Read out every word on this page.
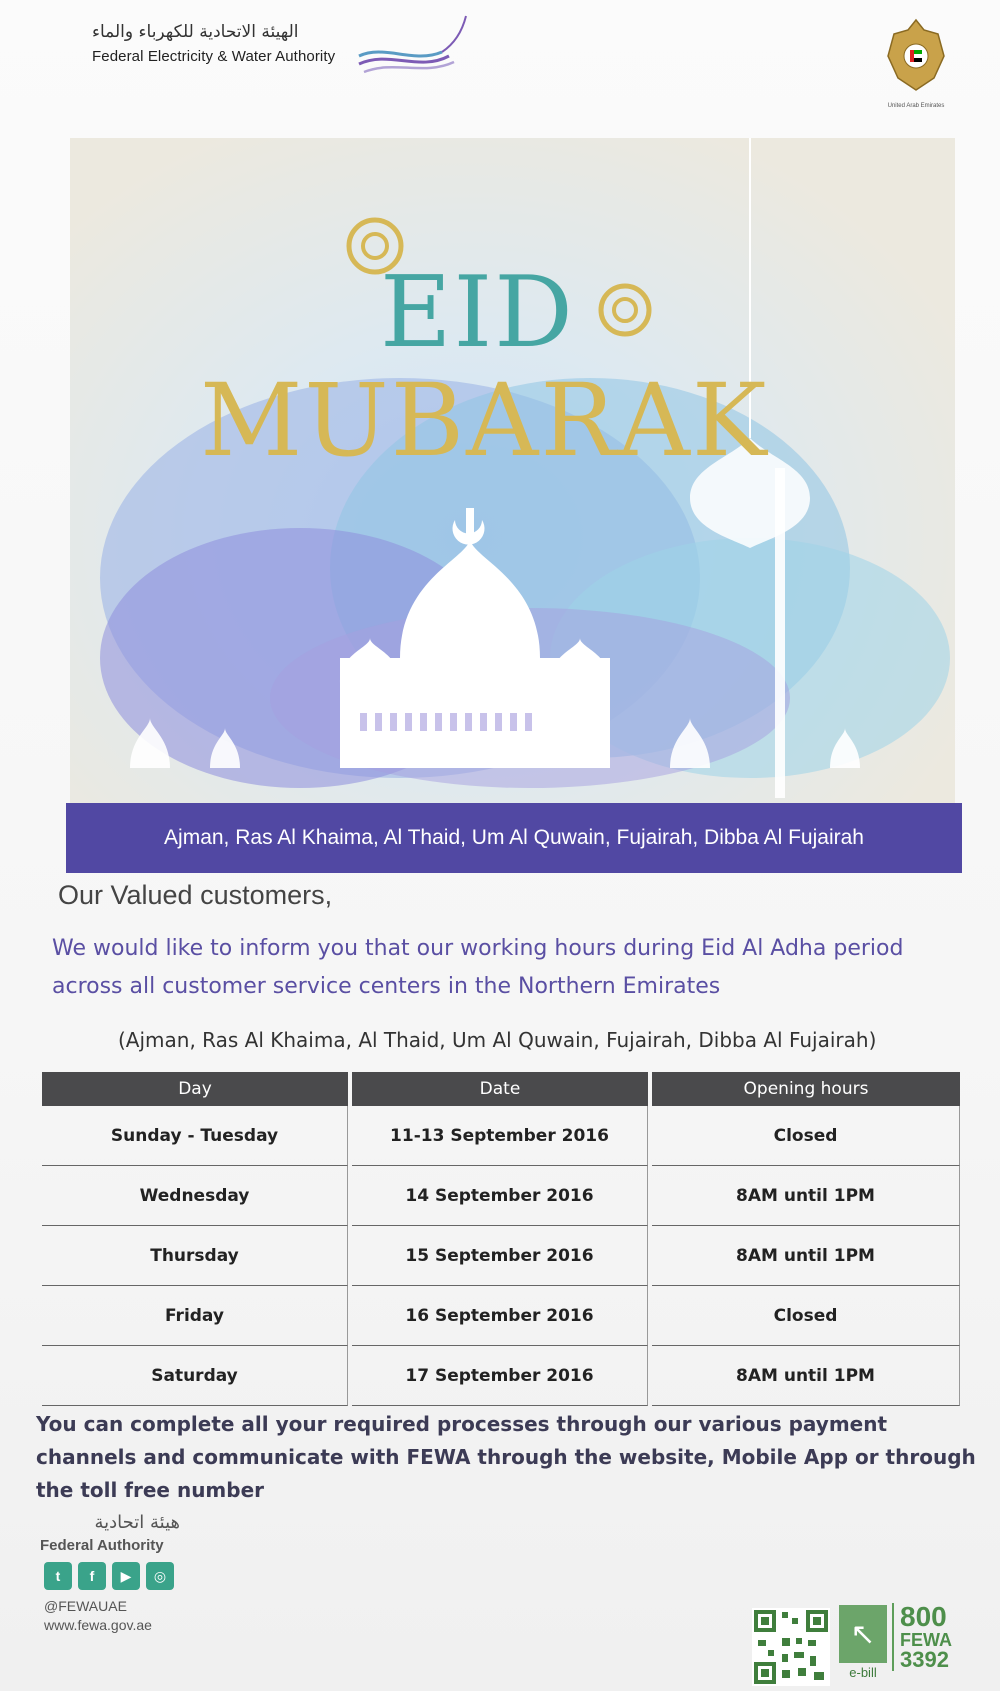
الهيئة الاتحادية للكهرباء والماء
Federal Electricity & Water Authority
United Arab Emirates
EID
MUBARAK
Ajman, Ras Al Khaima, Al Thaid, Um Al Quwain, Fujairah, Dibba Al Fujairah
Our Valued customers,
We would like to inform you that our working hours during Eid Al Adha period
across all customer service centers in the Northern Emirates
(Ajman, Ras Al Khaima, Al Thaid, Um Al Quwain, Fujairah, Dibba Al Fujairah)
Day	Date	Opening hours
Sunday - Tuesday	11-13 September 2016	Closed
Wednesday	14 September 2016	8AM until 1PM
Thursday	15 September 2016	8AM until 1PM
Friday	16 September 2016	Closed
Saturday	17 September 2016	8AM until 1PM
You can complete all your required processes through our various payment channels and communicate with FEWA through the website, Mobile App or through the toll free number
هيئة اتحادية
Federal Authority
t	f	▶	◎
@FEWAUAE
www.fewa.gov.ae	↖
e-bill
800
FEWA
3392
